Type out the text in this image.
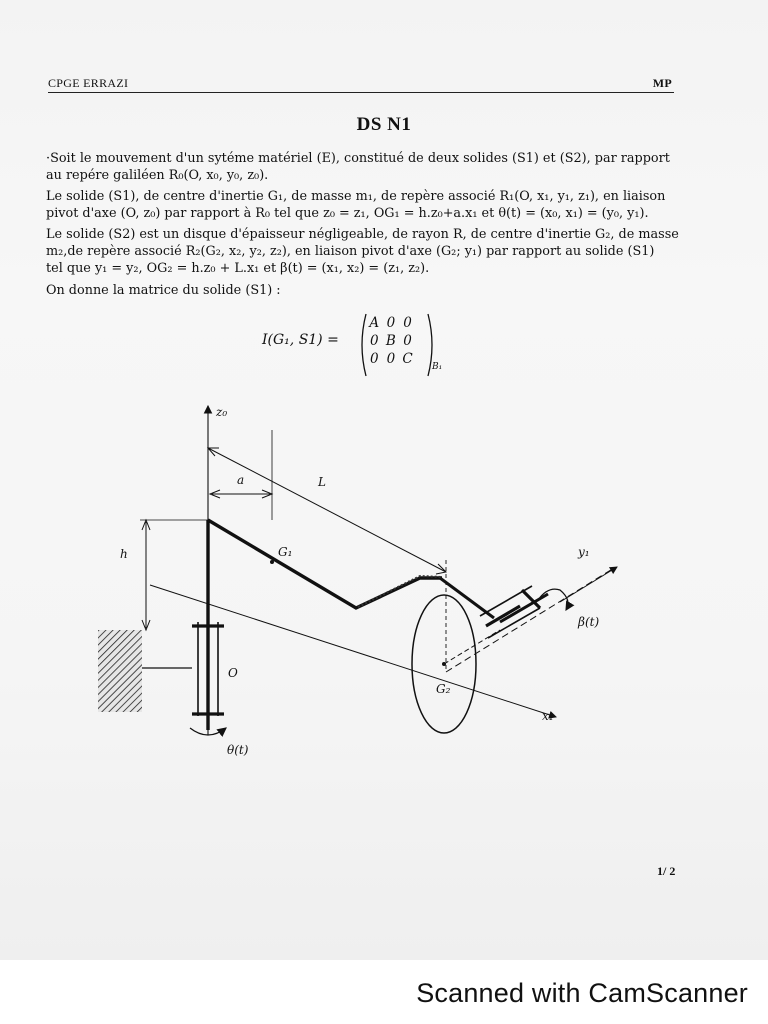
CPGE ERRAZI	MP
DS N1
·Soit le mouvement d'un sytéme matériel (E), constitué de deux solides (S1) et (S2), par rapport
au repére galiléen R₀(O, x₀, y₀, z₀).
Le solide (S1), de centre d'inertie G₁, de masse m₁, de repère associé R₁(O, x₁, y₁, z₁), en liaison
pivot d'axe (O, z₀) par rapport à R₀ tel que z₀ = z₁, OG₁ = h.z₀+a.x₁ et θ(t) = (x₀, x₁) = (y₀, y₁).
Le solide (S2) est un disque d'épaisseur négligeable, de rayon R, de centre d'inertie G₂, de masse
m₂,de repère associé R₂(G₂, x₂, y₂, z₂), en liaison pivot d'axe (G₂; y₁) par rapport au solide (S1)
tel que y₁ = y₂, OG₂ = h.z₀ + L.x₁ et β(t) = (x₁, x₂) = (z₁, z₂).
On donne la matrice du solide (S1) :
I(G₁, S1) =
A	0	0
0	B	0
0	0	C B₁
z₀
O
θ(t)
h
a	L
x₁
G₁	y₁
β(t)
G₂
1/ 2
Scanned with CamScanner
